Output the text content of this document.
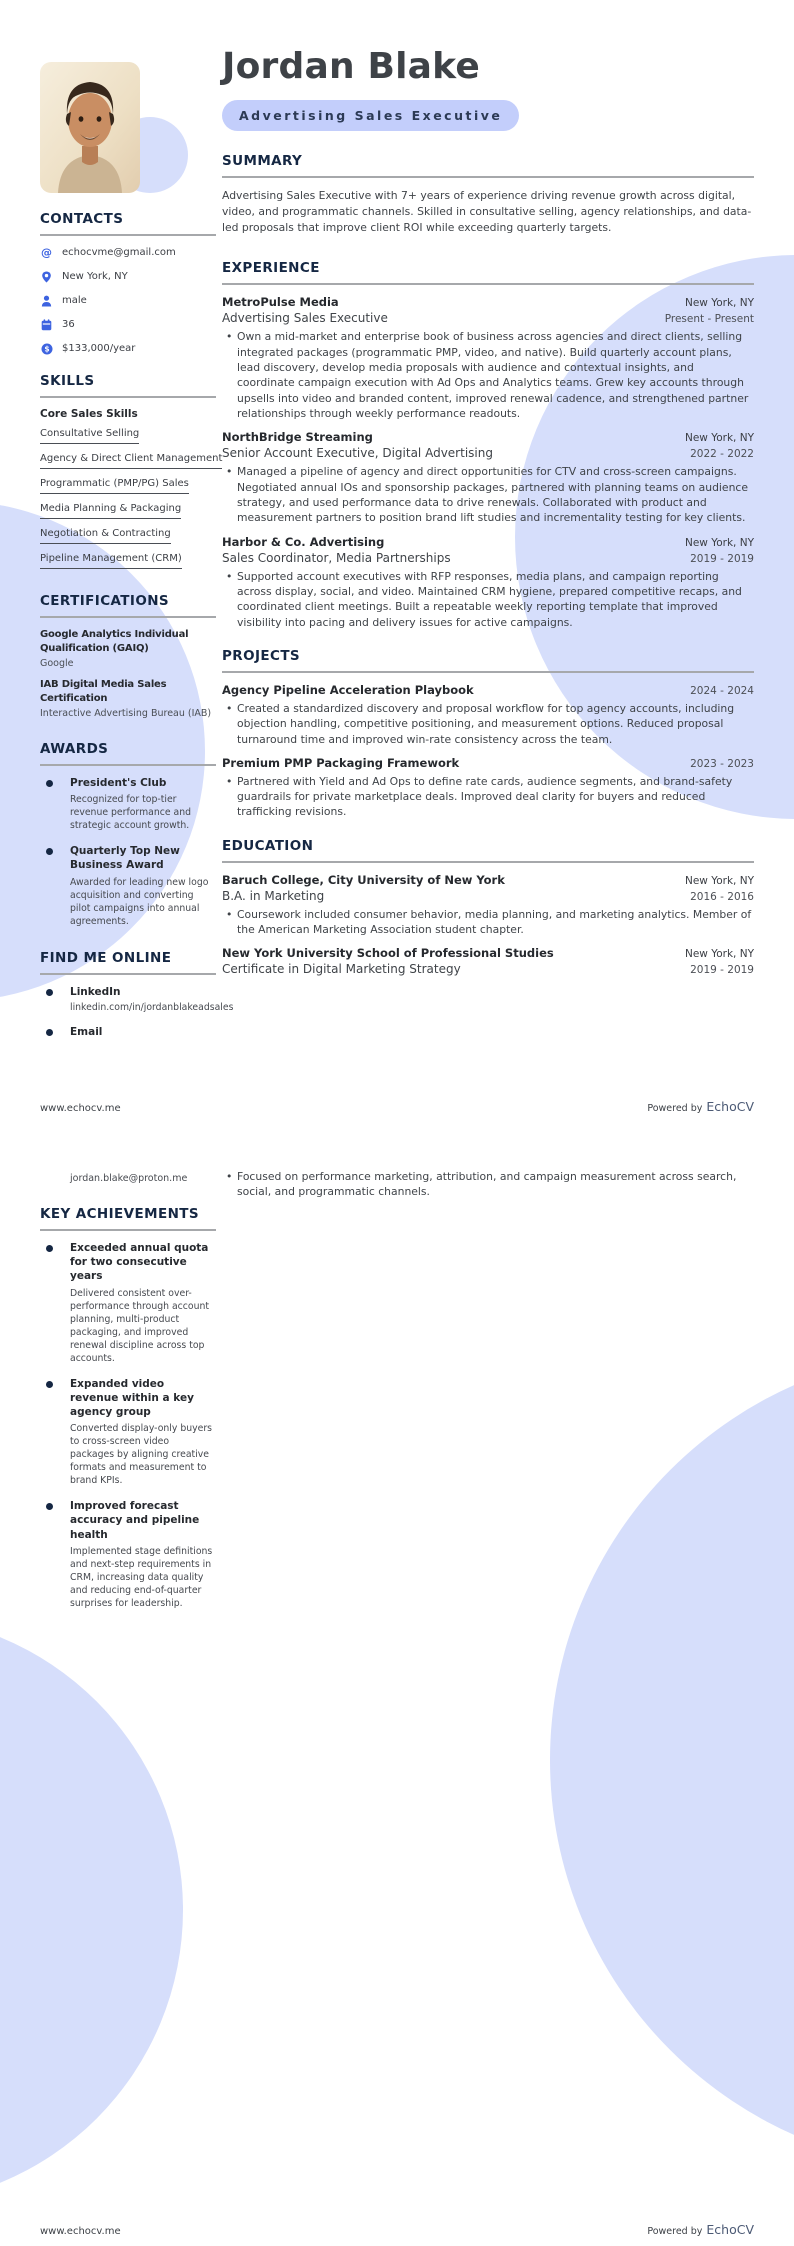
CONTACTS
@ echocvme@gmail.com
New York, NY
male
36
$ $133,000/year
SKILLS
Core Sales Skills
Consultative Selling
Agency & Direct Client Management
Programmatic (PMP/PG) Sales
Media Planning & Packaging
Negotiation & Contracting
Pipeline Management (CRM)
CERTIFICATIONS
Google Analytics Individual Qualification (GAIQ)
Google
IAB Digital Media Sales Certification
Interactive Advertising Bureau (IAB)
AWARDS
President's Club
Recognized for top-tier revenue performance and strategic account growth.
Quarterly Top New Business Award
Awarded for leading new logo acquisition and converting pilot campaigns into annual agreements.
FIND ME ONLINE
LinkedIn
linkedin.com/in/jordanblakeadsales
Email
Jordan Blake
Advertising Sales Executive
SUMMARY
Advertising Sales Executive with 7+ years of experience driving revenue growth across digital, video, and programmatic channels. Skilled in consultative selling, agency relationships, and data-led proposals that improve client ROI while exceeding quarterly targets.
EXPERIENCE
MetroPulse Media	New York, NY
Advertising Sales Executive	Present - Present
• Own a mid-market and enterprise book of business across agencies and direct clients, selling integrated packages (programmatic PMP, video, and native). Build quarterly account plans, lead discovery, develop media proposals with audience and contextual insights, and coordinate campaign execution with Ad Ops and Analytics teams. Grew key accounts through upsells into video and branded content, improved renewal cadence, and strengthened partner relationships through weekly performance readouts.
NorthBridge Streaming	New York, NY
Senior Account Executive, Digital Advertising	2022 - 2022
• Managed a pipeline of agency and direct opportunities for CTV and cross-screen campaigns. Negotiated annual IOs and sponsorship packages, partnered with planning teams on audience strategy, and used performance data to drive renewals. Collaborated with product and measurement partners to position brand lift studies and incrementality testing for key clients.
Harbor & Co. Advertising	New York, NY
Sales Coordinator, Media Partnerships	2019 - 2019
• Supported account executives with RFP responses, media plans, and campaign reporting across display, social, and video. Maintained CRM hygiene, prepared competitive recaps, and coordinated client meetings. Built a repeatable weekly reporting template that improved visibility into pacing and delivery issues for active campaigns.
PROJECTS
Agency Pipeline Acceleration Playbook	2024 - 2024
• Created a standardized discovery and proposal workflow for top agency accounts, including objection handling, competitive positioning, and measurement options. Reduced proposal turnaround time and improved win-rate consistency across the team.
Premium PMP Packaging Framework	2023 - 2023
• Partnered with Yield and Ad Ops to define rate cards, audience segments, and brand-safety guardrails for private marketplace deals. Improved deal clarity for buyers and reduced trafficking revisions.
EDUCATION
Baruch College, City University of New York	New York, NY
B.A. in Marketing	2016 - 2016
• Coursework included consumer behavior, media planning, and marketing analytics. Member of the American Marketing Association student chapter.
New York University School of Professional Studies	New York, NY
Certificate in Digital Marketing Strategy	2019 - 2019
www.echocv.me	Powered by EchoCV
jordan.blake@proton.me
KEY ACHIEVEMENTS
Exceeded annual quota for two consecutive years
Delivered consistent over-performance through account planning, multi-product packaging, and improved renewal discipline across top accounts.
Expanded video revenue within a key agency group
Converted display-only buyers to cross-screen video packages by aligning creative formats and measurement to brand KPIs.
Improved forecast accuracy and pipeline health
Implemented stage definitions and next-step requirements in CRM, increasing data quality and reducing end-of-quarter surprises for leadership.
• Focused on performance marketing, attribution, and campaign measurement across search, social, and programmatic channels.
www.echocv.me	Powered by EchoCV
